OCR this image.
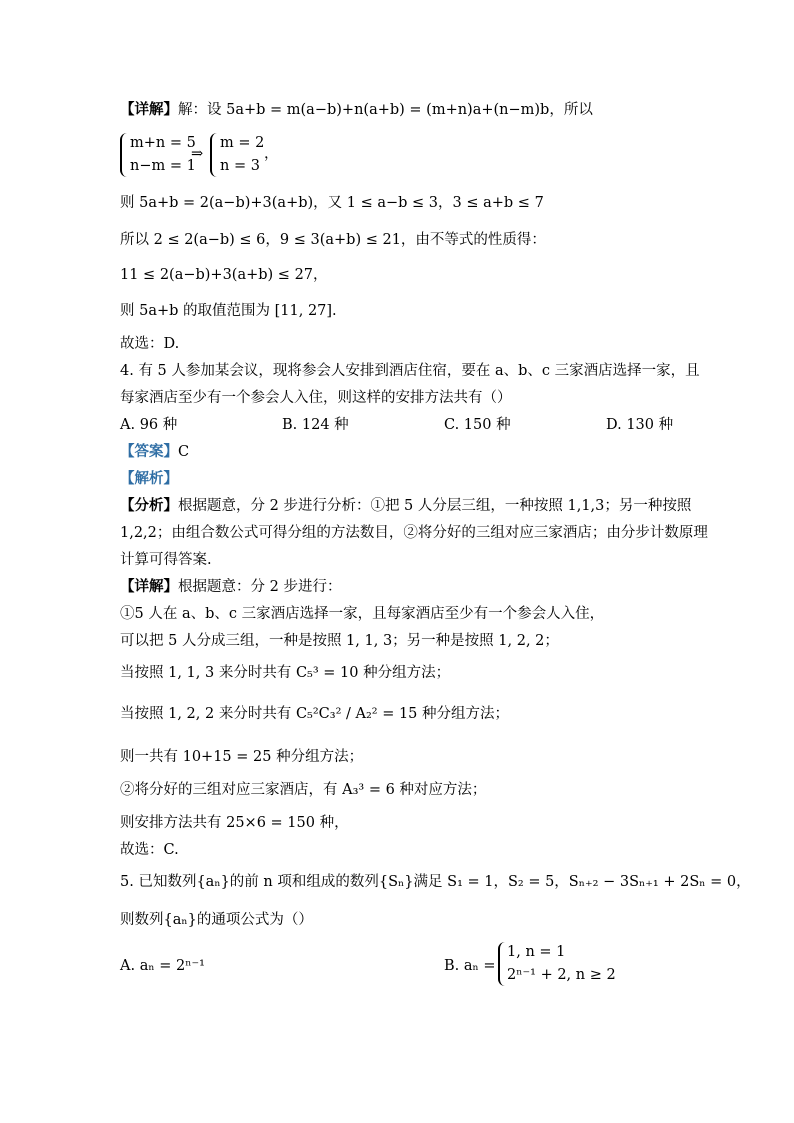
【详解】解：设 5a+b = m(a−b)+n(a+b) = (m+n)a+(n−m)b，所以
m+n = 5
n−m = 1
⇒
m = 2
n = 3
，
则 5a+b = 2(a−b)+3(a+b)，又 1 ≤ a−b ≤ 3，3 ≤ a+b ≤ 7
所以 2 ≤ 2(a−b) ≤ 6，9 ≤ 3(a+b) ≤ 21，由不等式的性质得：
11 ≤ 2(a−b)+3(a+b) ≤ 27，
则 5a+b 的取值范围为 [11, 27].
故选：D.
4. 有 5 人参加某会议，现将参会人安排到酒店住宿，要在 a、b、c 三家酒店选择一家，且
每家酒店至少有一个参会人入住，则这样的安排方法共有（）
A. 96 种	B. 124 种	C. 150 种	D. 130 种
【答案】C
【解析】
【分析】根据题意，分 2 步进行分析：①把 5 人分层三组，一种按照 1,1,3；另一种按照
1,2,2；由组合数公式可得分组的方法数目，②将分好的三组对应三家酒店；由分步计数原理
计算可得答案.
【详解】根据题意：分 2 步进行：
①5 人在 a、b、c 三家酒店选择一家，且每家酒店至少有一个参会人入住，
可以把 5 人分成三组，一种是按照 1, 1, 3；另一种是按照 1, 2, 2；
当按照 1, 1, 3 来分时共有 C₅³ = 10 种分组方法；
当按照 1, 2, 2 来分时共有 C₅²C₃² / A₂² = 15 种分组方法；
则一共有 10+15 = 25 种分组方法；
②将分好的三组对应三家酒店，有 A₃³ = 6 种对应方法；
则安排方法共有 25×6 = 150 种，
故选：C.
5. 已知数列{aₙ}的前 n 项和组成的数列{Sₙ}满足 S₁ = 1，S₂ = 5，Sₙ₊₂ − 3Sₙ₊₁ + 2Sₙ = 0，
则数列{aₙ}的通项公式为（）
A. aₙ = 2ⁿ⁻¹	B. aₙ =
1, n = 1
2ⁿ⁻¹ + 2, n ≥ 2
